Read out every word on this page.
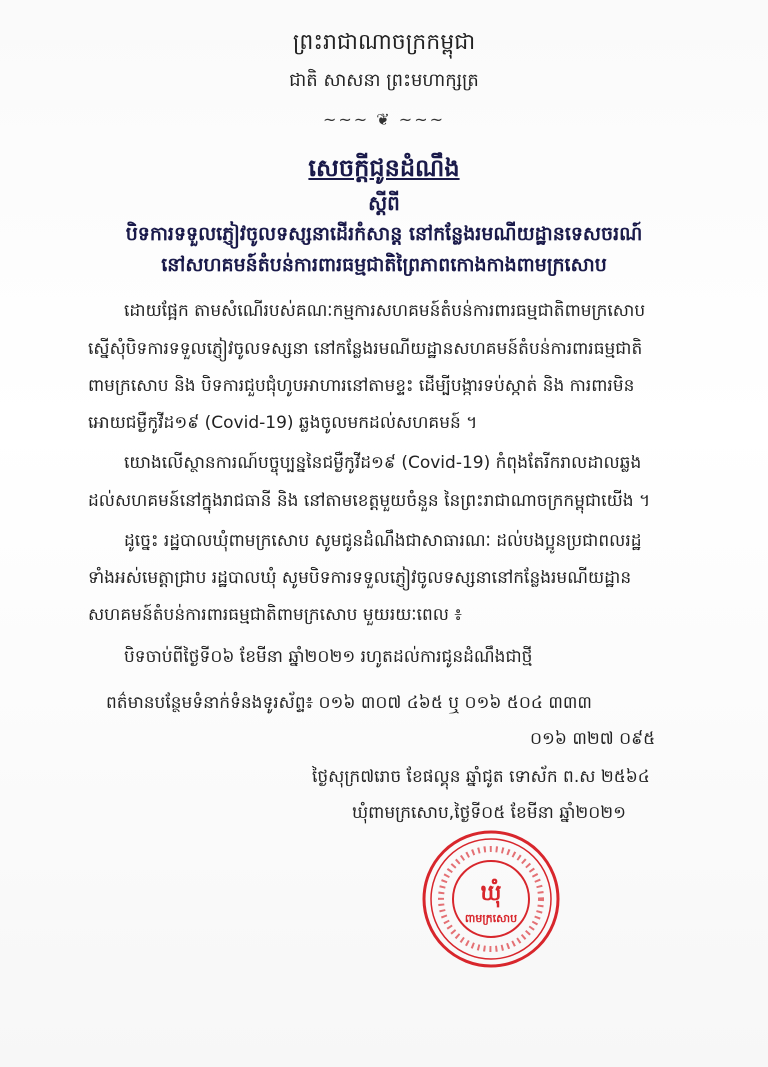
ព្រះរាជាណាចក្រកម្ពុជា
ជាតិ សាសនា ព្រះមហាក្សត្រ
~~~ ❦ ~~~
សេចក្តីជូនដំណឹង
ស្តីពី
បិទការទទួលភ្ញៀវចូលទស្សនាដើរកំសាន្ត នៅកន្លែងរមណីយដ្ឋានទេសចរណ៍
នៅសហគមន៍តំបន់ការពារធម្មជាតិព្រៃភាពកោងកាងពាមក្រសោប
ដោយផ្អែក តាមសំណើរបស់គណៈកម្មការសហគមន៍តំបន់ការពារធម្មជាតិពាមក្រសោប
ស្នើសុំបិទការទទួលភ្ញៀវចូលទស្សនា នៅកន្លែងរមណីយដ្ឋានសហគមន៍តំបន់ការពារធម្មជាតិ
ពាមក្រសោប និង បិទការជួបជុំហូបអាហារនៅតាមខ្ទះ ដើម្បីបង្ការទប់ស្កាត់ និង ការពារមិន
អោយជម្ងឺកូវីដ១៩ (Covid-19) ឆ្លងចូលមកដល់សហគមន៍ ។
យោងលើស្ថានការណ៍បច្ចុប្បន្ននៃជម្ងឺកូវីដ១៩ (Covid-19) កំពុងតែរីករាលដាលឆ្លង
ដល់សហគមន៍នៅក្នុងរាជធានី និង នៅតាមខេត្តមួយចំនួន នៃព្រះរាជាណាចក្រកម្ពុជាយើង ។
ដូច្នេះ រដ្ឋបាលឃុំពាមក្រសោប សូមជូនដំណឹងជាសាធារណៈ ដល់បងប្អូនប្រជាពលរដ្ឋ
ទាំងអស់មេត្តាជ្រាប រដ្ឋបាលឃុំ សូមបិទការទទួលភ្ញៀវចូលទស្សនានៅកន្លែងរមណីយដ្ឋាន
សហគមន៍តំបន់ការពារធម្មជាតិពាមក្រសោប មួយរយៈពេល ៖
បិទចាប់ពីថ្ងៃទី០៦ ខែមីនា ឆ្នាំ២០២១ រហូតដល់ការជូនដំណឹងជាថ្មី
ពត៌មានបន្ថែមទំនាក់ទំនងទូរស័ព្ទ៖ ០១៦ ៣០៧ ៤៦៥ ឬ ០១៦ ៥០៤ ៣៣៣
០១៦ ៣២៧ ០៩៥
ថ្ងៃសុក្រ៧រោច ខែផល្គុន ឆ្នាំជូត ទោស័ក ព.ស ២៥៦៤
ឃុំពាមក្រសោប,ថ្ងៃទី០៥ ខែមីនា ឆ្នាំ២០២១
ឃុំ
ពាមក្រសោប
